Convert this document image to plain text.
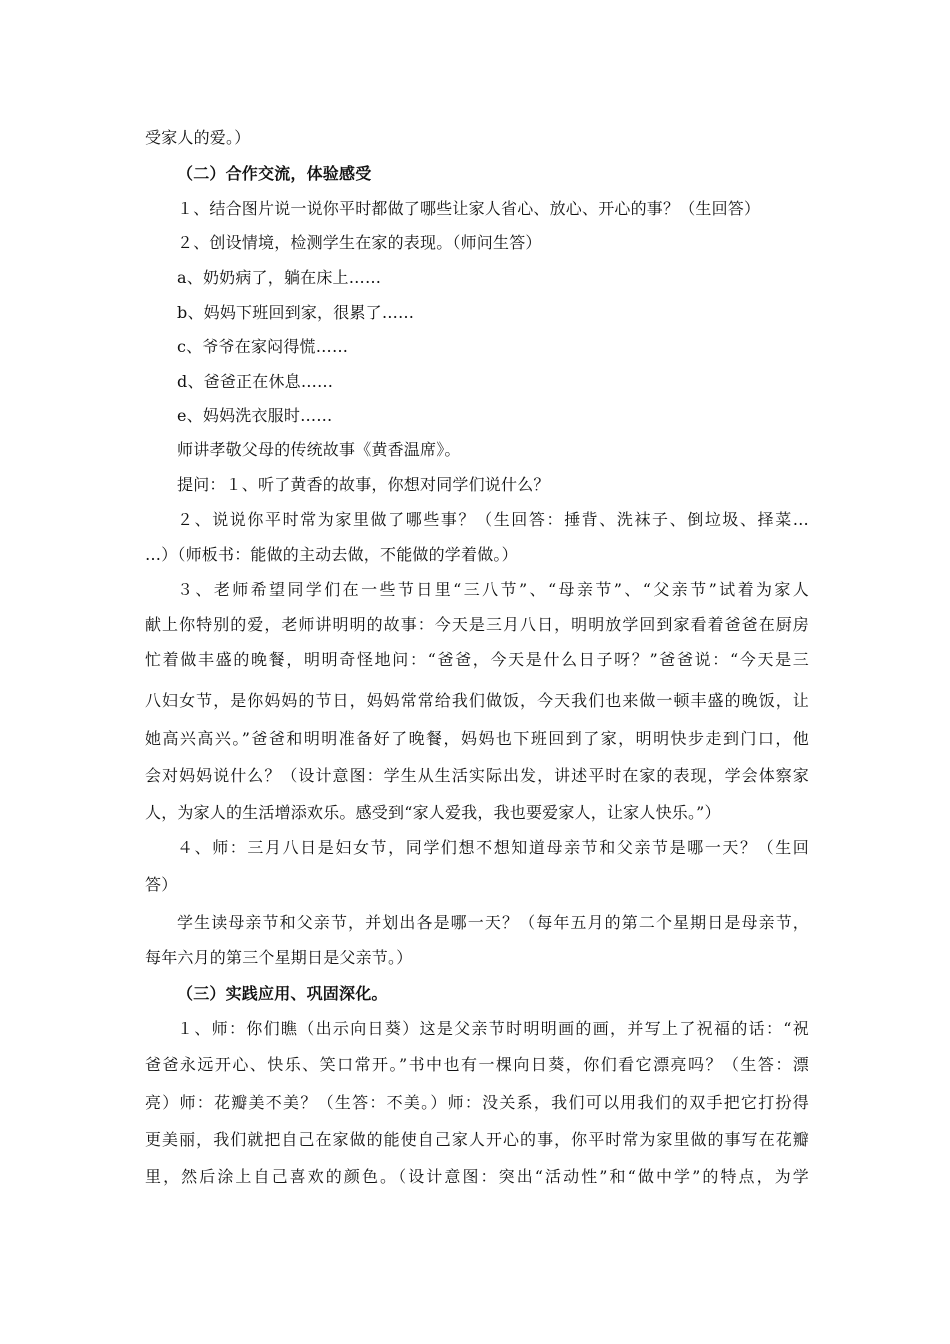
受家人的爱。）
（二）合作交流，体验感受
１、结合图片说一说你平时都做了哪些让家人省心、放心、开心的事？（生回答）
２、创设情境，检测学生在家的表现。（师问生答）
a、奶奶病了，躺在床上……
b、妈妈下班回到家，很累了……
c、爷爷在家闷得慌……
d、爸爸正在休息……
e、妈妈洗衣服时……
师讲孝敬父母的传统故事《黄香温席》。
提问：１、听了黄香的故事，你想对同学们说什么？
２、说说你平时常为家里做了哪些事？（生回答：捶背、洗袜子、倒垃圾、择菜…
…）（师板书：能做的主动去做，不能做的学着做。）
３、老师希望同学们在一些节日里“三八节”、“母亲节”、“父亲节”试着为家人
献上你特别的爱，老师讲明明的故事：今天是三月八日，明明放学回到家看着爸爸在厨房
忙着做丰盛的晚餐，明明奇怪地问：“爸爸，今天是什么日子呀？”爸爸说：“今天是三
八妇女节，是你妈妈的节日，妈妈常常给我们做饭，今天我们也来做一顿丰盛的晚饭，让
她高兴高兴。”爸爸和明明准备好了晚餐，妈妈也下班回到了家，明明快步走到门口，他
会对妈妈说什么？（设计意图：学生从生活实际出发，讲述平时在家的表现，学会体察家
人，为家人的生活增添欢乐。感受到“家人爱我，我也要爱家人，让家人快乐。”）
４、师：三月八日是妇女节，同学们想不想知道母亲节和父亲节是哪一天？（生回
答）
学生读母亲节和父亲节，并划出各是哪一天？（每年五月的第二个星期日是母亲节，
每年六月的第三个星期日是父亲节。）
（三）实践应用、巩固深化。
１、师：你们瞧（出示向日葵）这是父亲节时明明画的画，并写上了祝福的话：“祝
爸爸永远开心、快乐、笑口常开。”书中也有一棵向日葵，你们看它漂亮吗？（生答：漂
亮）师：花瓣美不美？（生答：不美。）师：没关系，我们可以用我们的双手把它打扮得
更美丽，我们就把自己在家做的能使自己家人开心的事，你平时常为家里做的事写在花瓣
里，然后涂上自己喜欢的颜色。（设计意图：突出“活动性”和“做中学”的特点，为学
